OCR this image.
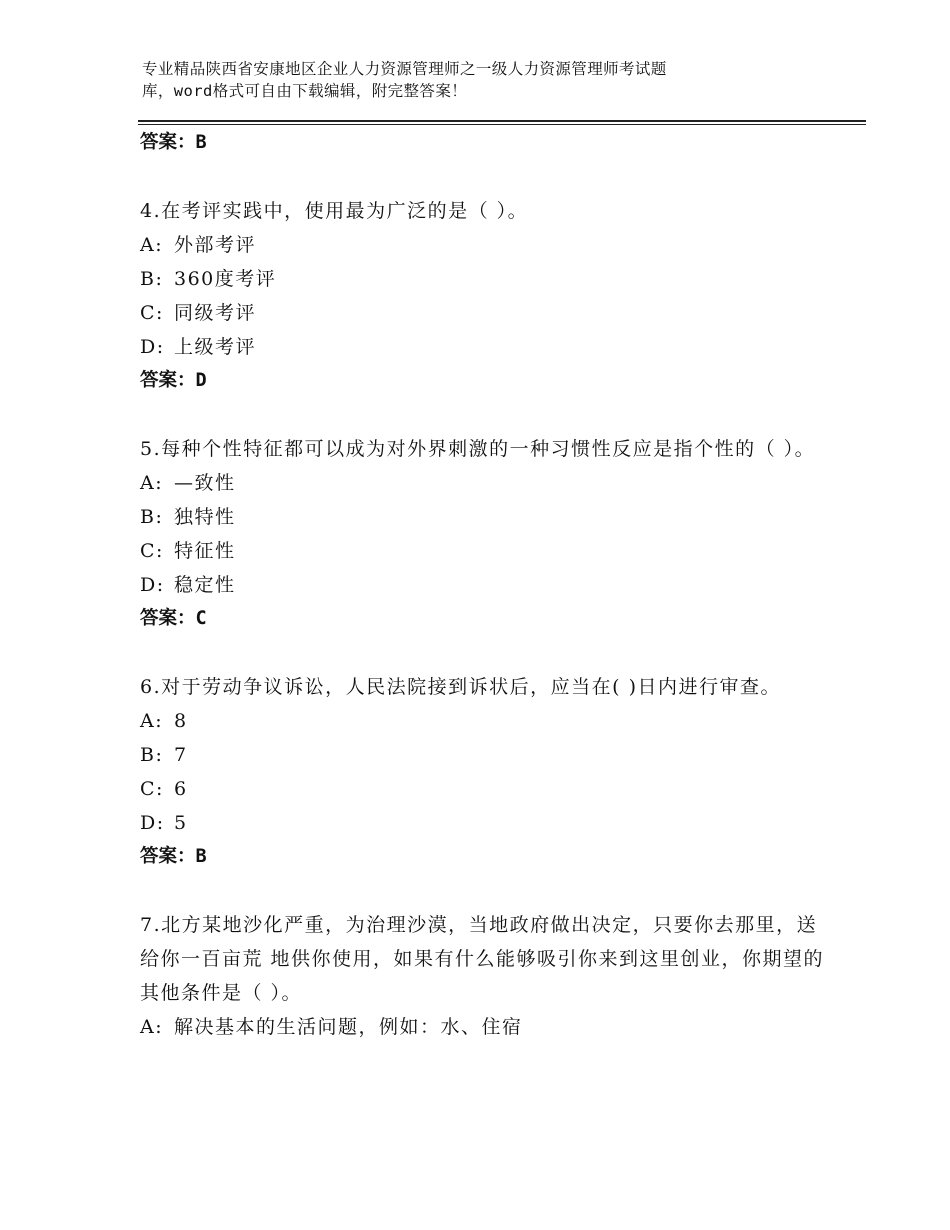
专业精品陕西省安康地区企业人力资源管理师之一级人力资源管理师考试题
库，word格式可自由下载编辑，附完整答案！
答案：B
4.在考评实践中，使用最为广泛的是（ ）。
A: 外部考评
B: 360度考评
C: 同级考评
D: 上级考评
答案：D
5.每种个性特征都可以成为对外界刺激的一种习惯性反应是指个性的（ ）。
A: —致性
B: 独特性
C: 特征性
D: 稳定性
答案：C
6.对于劳动争议诉讼，人民法院接到诉状后，应当在( )日内进行审查。
A: 8
B: 7
C: 6
D: 5
答案：B
7.北方某地沙化严重，为治理沙漠，当地政府做出决定，只要你去那里，送给你一百亩荒 地供你使用，如果有什么能够吸引你来到这里创业，你期望的其他条件是（ ）。
A: 解决基本的生活问题，例如：水、住宿
